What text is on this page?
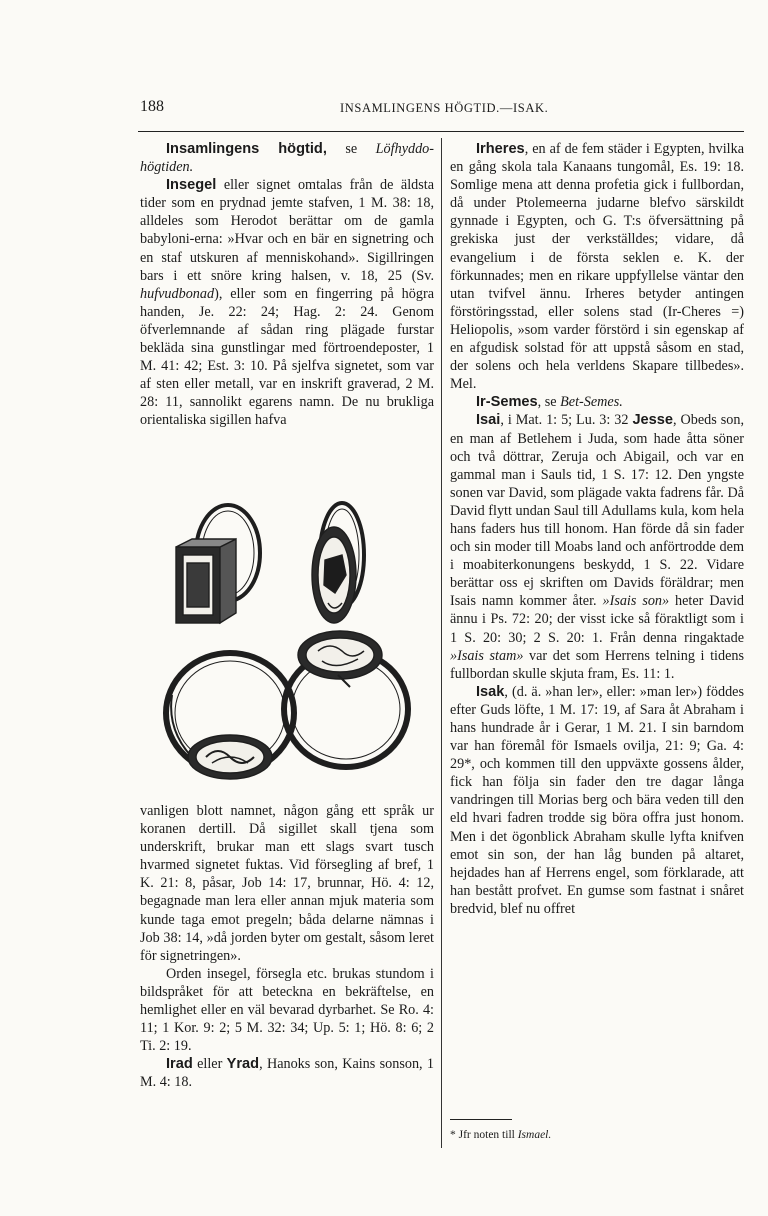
188	INSAMLINGENS HÖGTID.—ISAK.

Insamlingens högtid, se Löfhyddo-högtiden.

Insegel eller signet omtalas från de äldsta tider som en prydnad jemte stafven, 1 M. 38: 18, alldeles som Herodot berättar om de gamla babyloni-erna: »Hvar och en bär en signetring och en staf utskuren af menniskohand». Sigillringen bars i ett snöre kring halsen, v. 18, 25 (Sv. hufvudbonad), eller som en fingerring på högra handen, Je. 22: 24; Hag. 2: 24. Genom öfverlemnande af sådan ring plägade furstar bekläda sina gunstlingar med förtroendeposter, 1 M. 41: 42; Est. 3: 10. På sjelfva signetet, som var af sten eller metall, var en inskrift graverad, 2 M. 28: 11, sannolikt egarens namn. De nu brukliga orientaliska sigillen hafva

vanligen blott namnet, någon gång ett språk ur koranen dertill. Då sigillet skall tjena som underskrift, brukar man ett slags svart tusch hvarmed signetet fuktas. Vid försegling af bref, 1 K. 21: 8, påsar, Job 14: 17, brunnar, Hö. 4: 12, begagnade man lera eller annan mjuk materia som kunde taga emot pregeln; båda delarne nämnas i Job 38: 14, »då jorden byter om gestalt, såsom leret för signetringen».

Orden insegel, försegla etc. brukas stundom i bildspråket för att beteckna en bekräftelse, en hemlighet eller en väl bevarad dyrbarhet. Se Ro. 4: 11; 1 Kor. 9: 2; 5 M. 32: 34; Up. 5: 1; Hö. 8: 6; 2 Ti. 2: 19.

Irad eller Yrad, Hanoks son, Kains sonson, 1 M. 4: 18.

Irheres, en af de fem städer i Egypten, hvilka en gång skola tala Kanaans tungomål, Es. 19: 18. Somlige mena att denna profetia gick i fullbordan, då under Ptolemeerna judarne blefvo särskildt gynnade i Egypten, och G. T:s öfversättning på grekiska just der verkställdes; vidare, då evangelium i de första seklen e. K. der förkunnades; men en rikare uppfyllelse väntar den utan tvifvel ännu. Irheres betyder antingen förstöringsstad, eller solens stad (Ir-Cheres =) Heliopolis, »som varder förstörd i sin egenskap af en afgudisk solstad för att uppstå såsom en stad, der solens och hela verldens Skapare tillbedes». Mel.

Ir-Semes, se Bet-Semes.

Isai, i Mat. 1: 5; Lu. 3: 32 Jesse, Obeds son, en man af Betlehem i Juda, som hade åtta söner och två döttrar, Zeruja och Abigail, och var en gammal man i Sauls tid, 1 S. 17: 12. Den yngste sonen var David, som plägade vakta fadrens får. Då David flytt undan Saul till Adullams kula, kom hela hans faders hus till honom. Han förde då sin fader och sin moder till Moabs land och anförtrodde dem i moabiterkonungens beskydd, 1 S. 22. Vidare berättar oss ej skriften om Davids föräldrar; men Isais namn kommer åter. »Isais son» heter David ännu i Ps. 72: 20; der visst icke så föraktligt som i 1 S. 20: 30; 2 S. 20: 1. Från denna ringaktade »Isais stam» var det som Herrens telning i tidens fullbordan skulle skjuta fram, Es. 11: 1.

Isak, (d. ä. »han ler», eller: »man ler») föddes efter Guds löfte, 1 M. 17: 19, af Sara åt Abraham i hans hundrade år i Gerar, 1 M. 21. I sin barndom var han föremål för Ismaels ovilja, 21: 9; Ga. 4: 29*, och kommen till den uppväxte gossens ålder, fick han följa sin fader den tre dagar långa vandringen till Morias berg och bära veden till den eld hvari fadren trodde sig böra offra just honom. Men i det ögonblick Abraham skulle lyfta knifven emot sin son, der han låg bunden på altaret, hejdades han af Herrens engel, som förklarade, att han bestått profvet. En gumse som fastnat i snåret bredvid, blef nu offret

* Jfr noten till Ismael.
